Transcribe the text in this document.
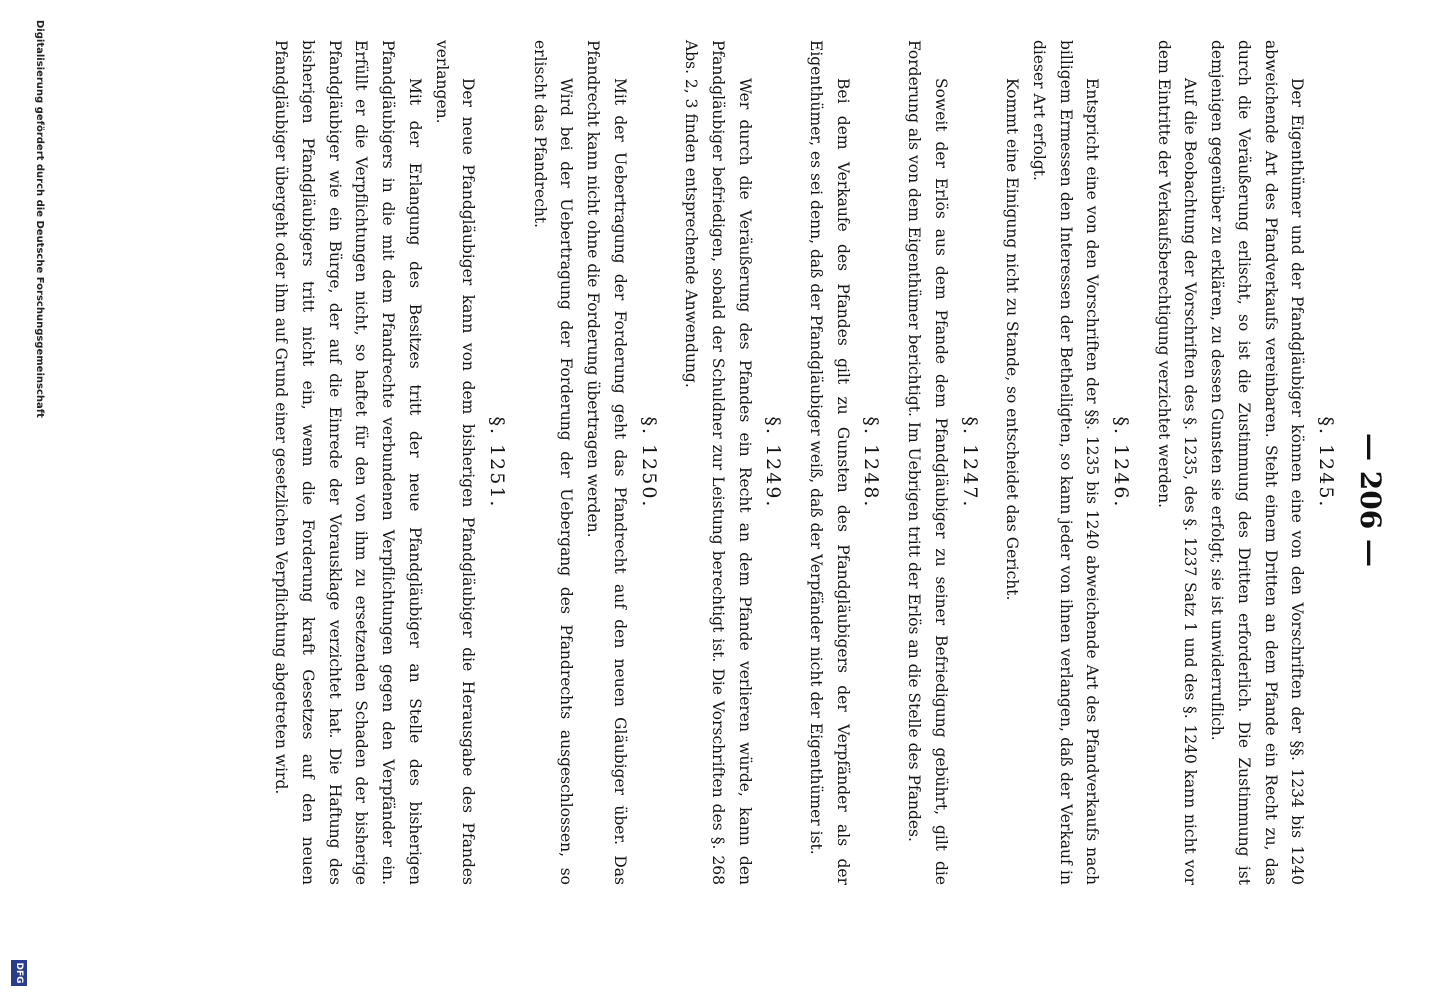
— 206 —
§. 1245.

Der Eigenthümer und der Pfandgläubiger können eine von den Vorschriften der §§. 1234 bis 1240 abweichende Art des Pfandverkaufs vereinbaren. Steht einem Dritten an dem Pfande ein Recht zu, das durch die Veräußerung erlischt, so ist die Zustimmung des Dritten erforderlich. Die Zustimmung ist demjenigen gegenüber zu erklären, zu dessen Gunsten sie erfolgt; sie ist unwiderruflich.

Auf die Beobachtung der Vorschriften des §. 1235, des §. 1237 Satz 1 und des §. 1240 kann nicht vor dem Eintritte der Verkaufsberechtigung verzichtet werden.

§. 1246.

Entspricht eine von den Vorschriften der §§. 1235 bis 1240 abweichende Art des Pfandverkaufs nach billigem Ermessen den Interessen der Betheiligten, so kann jeder von ihnen verlangen, daß der Verkauf in dieser Art erfolgt.

Kommt eine Einigung nicht zu Stande, so entscheidet das Gericht.

§. 1247.

Soweit der Erlös aus dem Pfande dem Pfandgläubiger zu seiner Befriedigung gebührt, gilt die Forderung als von dem Eigenthümer berichtigt. Im Uebrigen tritt der Erlös an die Stelle des Pfandes.

§. 1248.

Bei dem Verkaufe des Pfandes gilt zu Gunsten des Pfandgläubigers der Verpfänder als der Eigenthümer, es sei denn, daß der Pfandgläubiger weiß, daß der Verpfänder nicht der Eigenthümer ist.

§. 1249.

Wer durch die Veräußerung des Pfandes ein Recht an dem Pfande verlieren würde, kann den Pfandgläubiger befriedigen, sobald der Schuldner zur Leistung berechtigt ist. Die Vorschriften des §. 268 Abs. 2, 3 finden entsprechende Anwendung.

§. 1250.

Mit der Uebertragung der Forderung geht das Pfandrecht auf den neuen Gläubiger über. Das Pfandrecht kann nicht ohne die Forderung übertragen werden.

Wird bei der Uebertragung der Forderung der Uebergang des Pfandrechts ausgeschlossen, so erlischt das Pfandrecht.

§. 1251.

Der neue Pfandgläubiger kann von dem bisherigen Pfandgläubiger die Herausgabe des Pfandes verlangen.

Mit der Erlangung des Besitzes tritt der neue Pfandgläubiger an Stelle des bisherigen Pfandgläubigers in die mit dem Pfandrechte verbundenen Verpflichtungen gegen den Verpfänder ein. Erfüllt er die Verpflichtungen nicht, so haftet für den von ihm zu ersetzenden Schaden der bisherige Pfandgläubiger wie ein Bürge, der auf die Einrede der Vorausklage verzichtet hat. Die Haftung des bisherigen Pfandgläubigers tritt nicht ein, wenn die Forderung kraft Gesetzes auf den neuen Pfandgläubiger übergeht oder ihm auf Grund einer gesetzlichen Verpflichtung abgetreten wird.

Digitalisierung gefördert durch die Deutsche Forschungsgemeinschaft
DFG
